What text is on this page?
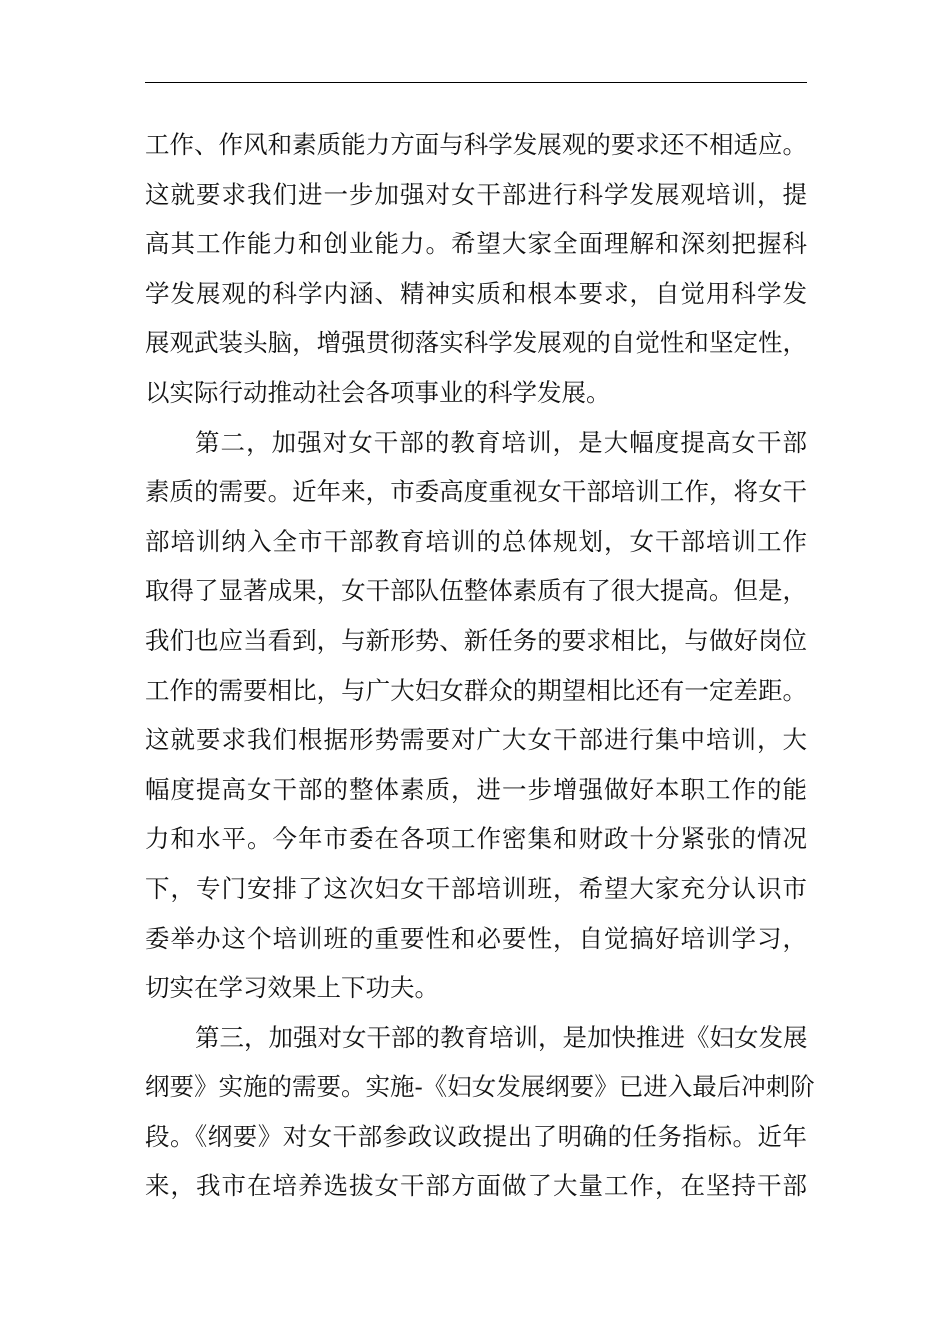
工作、作风和素质能力方面与科学发展观的要求还不相适应。
这就要求我们进一步加强对女干部进行科学发展观培训，提
高其工作能力和创业能力。希望大家全面理解和深刻把握科
学发展观的科学内涵、精神实质和根本要求，自觉用科学发
展观武装头脑，增强贯彻落实科学发展观的自觉性和坚定性，
以实际行动推动社会各项事业的科学发展。
第二，加强对女干部的教育培训，是大幅度提高女干部
素质的需要。近年来，市委高度重视女干部培训工作，将女干
部培训纳入全市干部教育培训的总体规划，女干部培训工作
取得了显著成果，女干部队伍整体素质有了很大提高。但是，
我们也应当看到，与新形势、新任务的要求相比，与做好岗位
工作的需要相比，与广大妇女群众的期望相比还有一定差距。
这就要求我们根据形势需要对广大女干部进行集中培训，大
幅度提高女干部的整体素质，进一步增强做好本职工作的能
力和水平。今年市委在各项工作密集和财政十分紧张的情况
下，专门安排了这次妇女干部培训班，希望大家充分认识市
委举办这个培训班的重要性和必要性，自觉搞好培训学习，
切实在学习效果上下功夫。
第三，加强对女干部的教育培训，是加快推进《妇女发展
纲要》实施的需要。实施-《妇女发展纲要》已进入最后冲刺阶
段。《纲要》对女干部参政议政提出了明确的任务指标。近年
来，我市在培养选拔女干部方面做了大量工作，在坚持干部
